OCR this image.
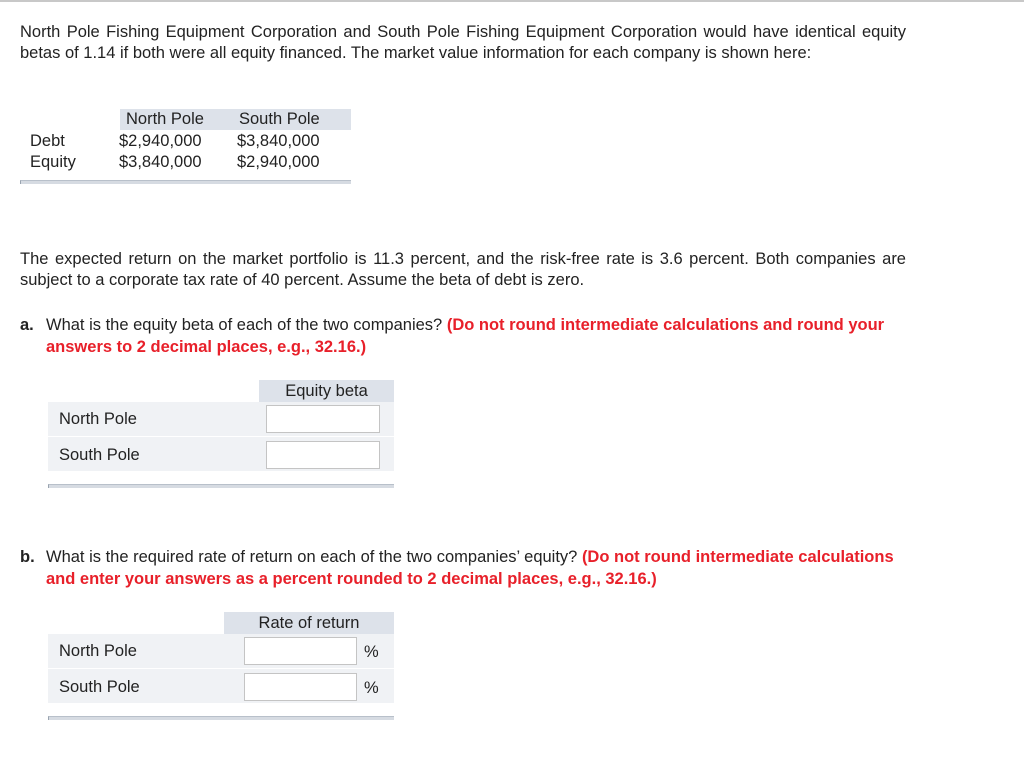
North Pole Fishing Equipment Corporation and South Pole Fishing Equipment Corporation would have identical equity betas of 1.14 if both were all equity financed. The market value information for each company is shown here:
North Pole South Pole
Debt	$2,940,000 $3,840,000
Equity	$3,840,000 $2,940,000
The expected return on the market portfolio is 11.3 percent, and the risk-free rate is 3.6 percent. Both companies are subject to a corporate tax rate of 40 percent. Assume the beta of debt is zero.
a. What is the equity beta of each of the two companies? (Do not round intermediate calculations and round your answers to 2 decimal places, e.g., 32.16.)
Equity beta
North Pole
South Pole
b. What is the required rate of return on each of the two companies’ equity? (Do not round intermediate calculations and enter your answers as a percent rounded to 2 decimal places, e.g., 32.16.)
Rate of return
North Pole
South Pole
%
%
